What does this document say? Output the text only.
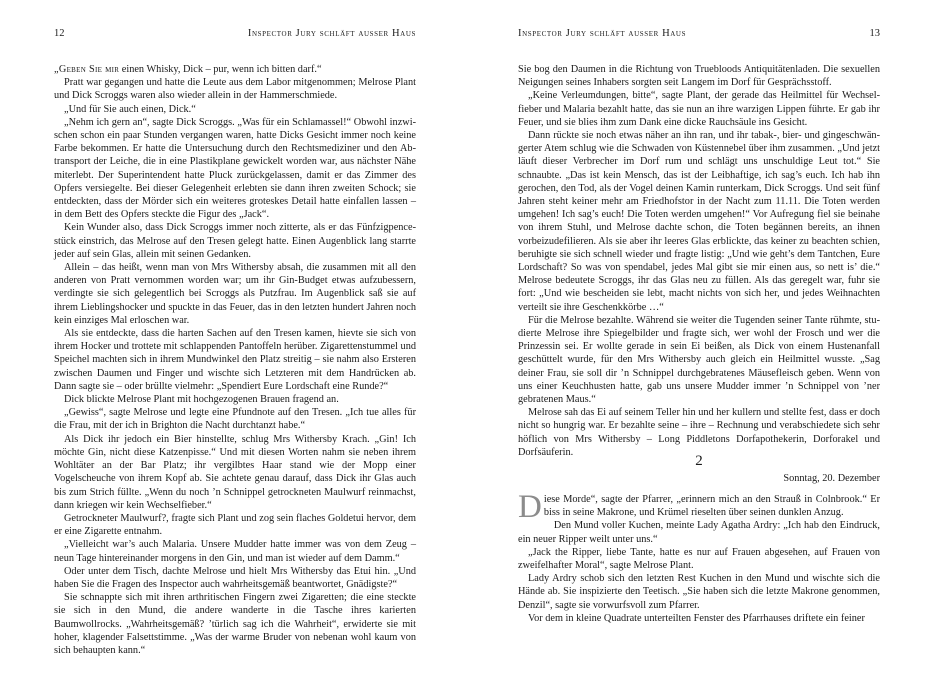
12	Inspector Jury schläft ausser Haus

„Geben Sie mir einen Whisky, Dick – pur, wenn ich bitten darf.“

Pratt war gegangen und hatte die Leute aus dem Labor mitgenommen; Melrose Plant und Dick Scroggs waren also wieder allein in der Hammerschmiede.

„Und für Sie auch einen, Dick.“

„Nehm ich gern an“, sagte Dick Scroggs. „Was für ein Schlamassel!“ Obwohl inzwischen schon ein paar Stunden vergangen waren, hatte Dicks Gesicht immer noch keine Farbe bekommen. Er hatte die Untersuchung durch den Rechtsmediziner und den Abtransport der Leiche, die in eine Plastikplane gewickelt worden war, aus nächster Nähe miterlebt. Der Superintendent hatte Pluck zurückgelassen, damit er das Zimmer des Opfers versiegelte. Bei dieser Gelegenheit erlebten sie dann ihren zweiten Schock; sie entdeckten, dass der Mörder sich ein weiteres groteskes Detail hatte einfallen lassen – in dem Bett des Opfers steckte die Figur des „Jack“.

Kein Wunder also, dass Dick Scroggs immer noch zitterte, als er das Fünfzigpencestück einstrich, das Melrose auf den Tresen gelegt hatte. Einen Augenblick lang starrte jeder auf sein Glas, allein mit seinen Gedanken.

Allein – das heißt, wenn man von Mrs Withersby absah, die zusammen mit all den anderen von Pratt vernommen worden war; um ihr Gin-Budget etwas aufzubessern, verdingte sie sich gelegentlich bei Scroggs als Putzfrau. Im Augenblick saß sie auf ihrem Lieblingshocker und spuckte in das Feuer, das in den letzten hundert Jahren noch kein einziges Mal erloschen war.

Als sie entdeckte, dass die harten Sachen auf den Tresen kamen, hievte sie sich von ihrem Hocker und trottete mit schlappenden Pantoffeln herüber. Zigarettenstummel und Speichel machten sich in ihrem Mundwinkel den Platz streitig – sie nahm also Ersteren zwischen Daumen und Finger und wischte sich Letzteren mit dem Handrücken ab. Dann sagte sie – oder brüllte vielmehr: „Spendiert Eure Lordschaft eine Runde?“

Dick blickte Melrose Plant mit hochgezogenen Brauen fragend an.

„Gewiss“, sagte Melrose und legte eine Pfundnote auf den Tresen. „Ich tue alles für die Frau, mit der ich in Brighton die Nacht durchtanzt habe.“

Als Dick ihr jedoch ein Bier hinstellte, schlug Mrs Withersby Krach. „Gin! Ich möchte Gin, nicht diese Katzenpisse.“ Und mit diesen Worten nahm sie neben ihrem Wohltäter an der Bar Platz; ihr vergilbtes Haar stand wie der Mopp einer Vogelscheuche von ihrem Kopf ab. Sie achtete genau darauf, dass Dick ihr Glas auch bis zum Strich füllte. „Wenn du noch ’n Schnippel getrockneten Maulwurf reinmachst, dann kriegen wir kein Wechselfieber.“

Getrockneter Maulwurf?, fragte sich Plant und zog sein flaches Goldetui hervor, dem er eine Zigarette entnahm.

„Vielleicht war’s auch Malaria. Unsere Mudder hatte immer was von dem Zeug – neun Tage hintereinander morgens in den Gin, und man ist wieder auf dem Damm.“

Oder unter dem Tisch, dachte Melrose und hielt Mrs Withersby das Etui hin. „Und haben Sie die Fragen des Inspector auch wahrheitsgemäß beantwortet, Gnädigste?“

Sie schnappte sich mit ihren arthritischen Fingern zwei Zigaretten; die eine steckte sie sich in den Mund, die andere wanderte in die Tasche ihres karierten Baumwollrocks. „Wahrheitsgemäß? ’türlich sag ich die Wahrheit“, erwiderte sie mit hoher, klagender Falsettstimme. „Was der warme Bruder von nebenan wohl kaum von sich behaupten kann.“

Inspector Jury schläft ausser Haus	13

Sie bog den Daumen in die Richtung von Truebloods Antiquitätenladen. Die sexuellen Neigungen seines Inhabers sorgten seit Langem im Dorf für Gesprächsstoff.

„Keine Verleumdungen, bitte“, sagte Plant, der gerade das Heilmittel für Wechselfieber und Malaria bezahlt hatte, das sie nun an ihre warzigen Lippen führte. Er gab ihr Feuer, und sie blies ihm zum Dank eine dicke Rauchsäule ins Gesicht.

Dann rückte sie noch etwas näher an ihn ran, und ihr tabak-, bier- und gingeschwängerter Atem schlug wie die Schwaden von Küstennebel über ihm zusammen. „Und jetzt läuft dieser Verbrecher im Dorf rum und schlägt uns unschuldige Leut tot.“ Sie schnaubte. „Das ist kein Mensch, das ist der Leibhaftige, ich sag’s euch. Ich hab ihn gerochen, den Tod, als der Vogel deinen Kamin runterkam, Dick Scroggs. Und seit fünf Jahren steht keiner mehr am Friedhofstor in der Nacht zum 11.11. Die Toten werden umgehen! Ich sag’s euch! Die Toten werden umgehen!“ Vor Aufregung fiel sie beinahe von ihrem Stuhl, und Melrose dachte schon, die Toten begännen bereits, an ihnen vorbeizudefilieren. Als sie aber ihr leeres Glas erblickte, das keiner zu beachten schien, beruhigte sie sich schnell wieder und fragte listig: „Und wie geht’s dem Tantchen, Eure Lordschaft? So was von spendabel, jedes Mal gibt sie mir einen aus, so nett is’ die.“ Melrose bedeutete Scroggs, ihr das Glas neu zu füllen. Als das geregelt war, fuhr sie fort: „Und wie bescheiden sie lebt, macht nichts von sich her, und jedes Weihnachten verteilt sie ihre Geschenkkörbe …“

Für die Melrose bezahlte. Während sie weiter die Tugenden seiner Tante rühmte, studierte Melrose ihre Spiegelbilder und fragte sich, wer wohl der Frosch und wer die Prinzessin sei. Er wollte gerade in sein Ei beißen, als Dick von einem Hustenanfall geschüttelt wurde, für den Mrs Withersby auch gleich ein Heilmittel wusste. „Sag deiner Frau, sie soll dir ’n Schnippel durchgebratenes Mäusefleisch geben. Wenn von uns einer Keuchhusten hatte, gab uns unsere Mudder immer ’n Schnippel von ’ner gebratenen Maus.“

Melrose sah das Ei auf seinem Teller hin und her kullern und stellte fest, dass er doch nicht so hungrig war. Er bezahlte seine – ihre – Rechnung und verabschiedete sich sehr höflich von Mrs Withersby – Long Piddletons Dorfapothekerin, Dorforakel und Dorfsäuferin.

2
Sonntag, 20. Dezember

Diese Morde“, sagte der Pfarrer, „erinnern mich an den Strauß in Colnbrook.“ Er biss in seine Makrone, und Krümel rieselten über seinen dunklen Anzug.

Den Mund voller Kuchen, meinte Lady Agatha Ardry: „Ich hab den Eindruck, ein neuer Ripper weilt unter uns.“

„Jack the Ripper, liebe Tante, hatte es nur auf Frauen abgesehen, auf Frauen von zweifelhafter Moral“, sagte Melrose Plant.

Lady Ardry schob sich den letzten Rest Kuchen in den Mund und wischte sich die Hände ab. Sie inspizierte den Teetisch. „Sie haben sich die letzte Makrone genommen, Denzil“, sagte sie vorwurfsvoll zum Pfarrer.

Vor dem in kleine Quadrate unterteilten Fenster des Pfarrhauses driftete ein feiner
